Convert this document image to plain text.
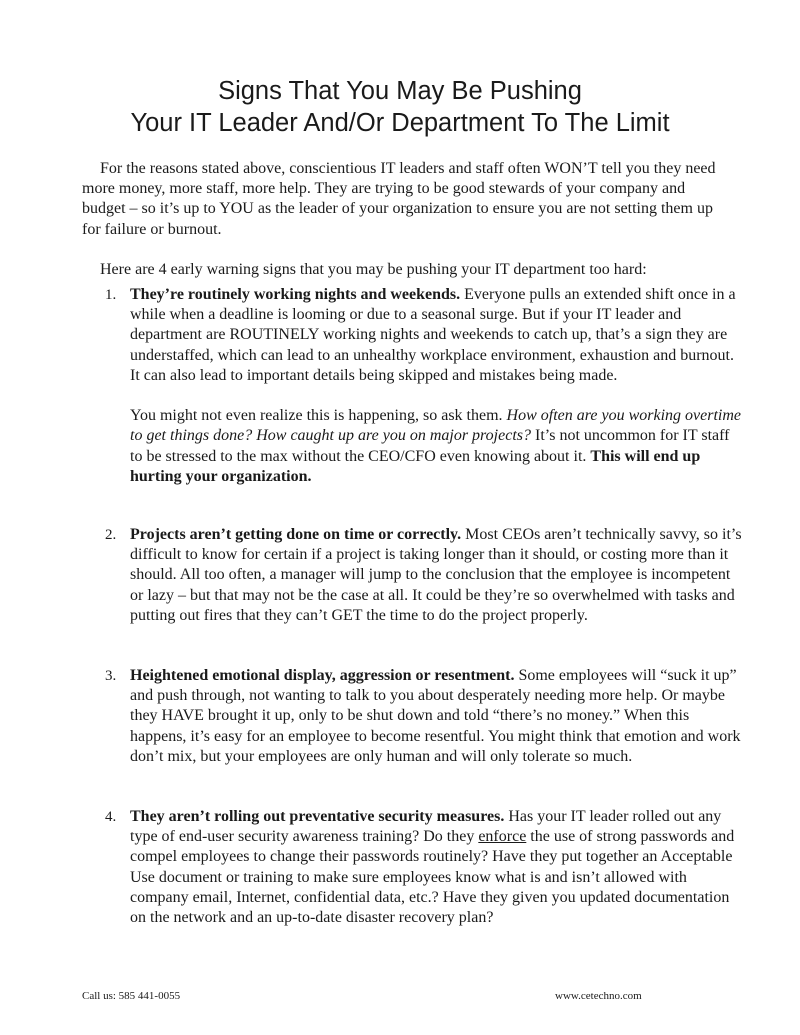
Signs That You May Be Pushing
Your IT Leader And/Or Department To The Limit

For the reasons stated above, conscientious IT leaders and staff often WON’T tell you they need more money, more staff, more help. They are trying to be good stewards of your company and budget – so it’s up to YOU as the leader of your organization to ensure you are not setting them up for failure or burnout.

Here are 4 early warning signs that you may be pushing your IT department too hard:

1. They’re routinely working nights and weekends. Everyone pulls an extended shift once in a while when a deadline is looming or due to a seasonal surge. But if your IT leader and department are ROUTINELY working nights and weekends to catch up, that’s a sign they are understaffed, which can lead to an unhealthy workplace environment, exhaustion and burnout. It can also lead to important details being skipped and mistakes being made.

You might not even realize this is happening, so ask them. How often are you working overtime to get things done? How caught up are you on major projects? It’s not uncommon for IT staff to be stressed to the max without the CEO/CFO even knowing about it. This will end up hurting your organization.

2. Projects aren’t getting done on time or correctly. Most CEOs aren’t technically savvy, so it’s difficult to know for certain if a project is taking longer than it should, or costing more than it should. All too often, a manager will jump to the conclusion that the employee is incompetent or lazy – but that may not be the case at all. It could be they’re so overwhelmed with tasks and putting out fires that they can’t GET the time to do the project properly.

3. Heightened emotional display, aggression or resentment. Some employees will “suck it up” and push through, not wanting to talk to you about desperately needing more help. Or maybe they HAVE brought it up, only to be shut down and told “there’s no money.” When this happens, it’s easy for an employee to become resentful. You might think that emotion and work don’t mix, but your employees are only human and will only tolerate so much.

4. They aren’t rolling out preventative security measures. Has your IT leader rolled out any type of end-user security awareness training? Do they enforce the use of strong passwords and compel employees to change their passwords routinely? Have they put together an Acceptable Use document or training to make sure employees know what is and isn’t allowed with company email, Internet, confidential data, etc.? Have they given you updated documentation on the network and an up-to-date disaster recovery plan?

Call us: 585 441-0055	www.cetechno.com
